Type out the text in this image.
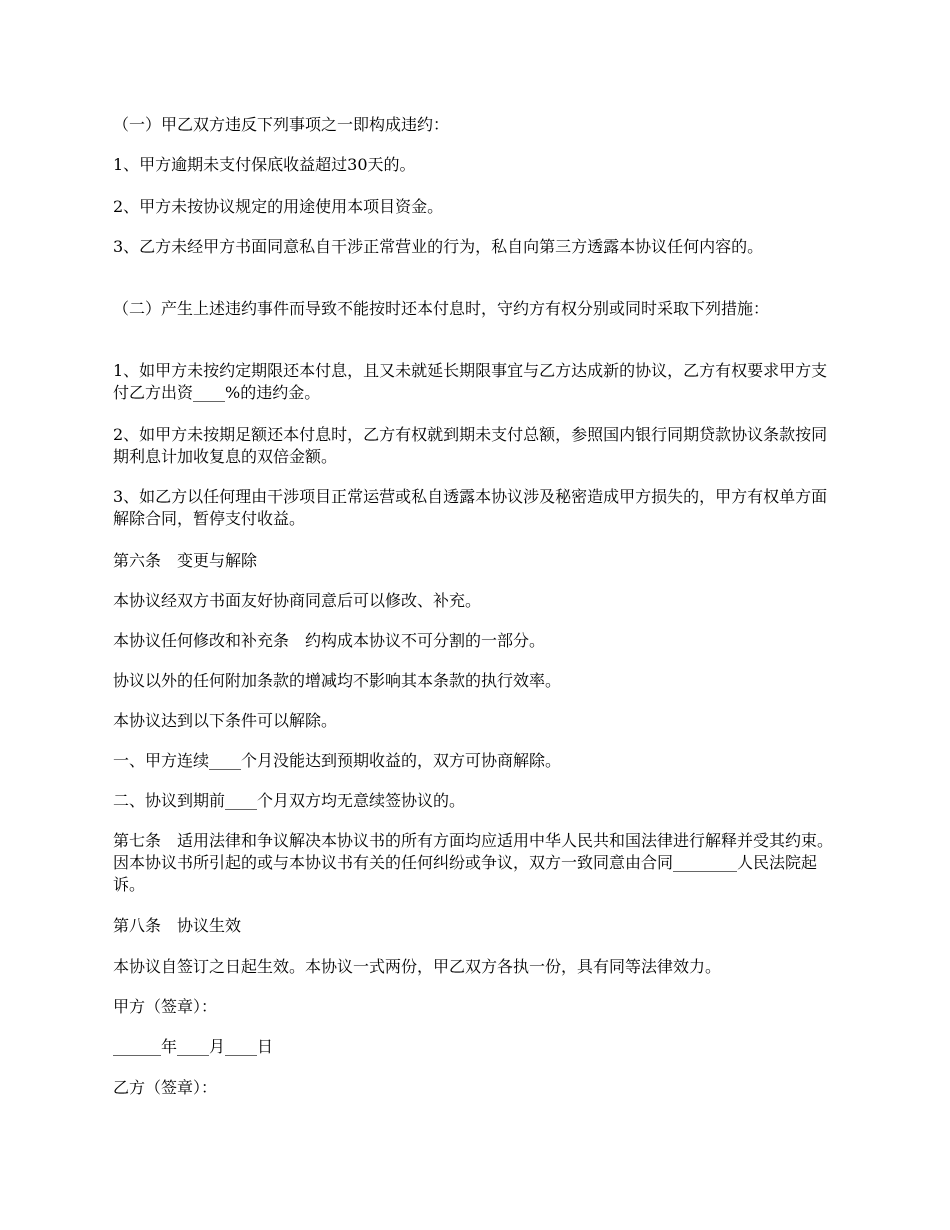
（一）甲乙双方违反下列事项之一即构成违约：

1、甲方逾期未支付保底收益超过30天的。

2、甲方未按协议规定的用途使用本项目资金。

3、乙方未经甲方书面同意私自干涉正常营业的行为，私自向第三方透露本协议任何内容的。

（二）产生上述违约事件而导致不能按时还本付息时，守约方有权分别或同时采取下列措施：

1、如甲方未按约定期限还本付息，且又未就延长期限事宜与乙方达成新的协议，乙方有权要求甲方支付乙方出资____%的违约金。

2、如甲方未按期足额还本付息时，乙方有权就到期未支付总额，参照国内银行同期贷款协议条款按同期利息计加收复息的双倍金额。

3、如乙方以任何理由干涉项目正常运营或私自透露本协议涉及秘密造成甲方损失的，甲方有权单方面解除合同，暂停支付收益。

第六条　变更与解除

本协议经双方书面友好协商同意后可以修改、补充。

本协议任何修改和补充条　约构成本协议不可分割的一部分。

协议以外的任何附加条款的增减均不影响其本条款的执行效率。

本协议达到以下条件可以解除。

一、甲方连续____个月没能达到预期收益的，双方可协商解除。

二、协议到期前____个月双方均无意续签协议的。

第七条　适用法律和争议解决本协议书的所有方面均应适用中华人民共和国法律进行解释并受其约束。因本协议书所引起的或与本协议书有关的任何纠纷或争议，双方一致同意由合同________人民法院起诉。

第八条　协议生效

本协议自签订之日起生效。本协议一式两份，甲乙双方各执一份，具有同等法律效力。

甲方（签章）：

______年____月____日

乙方（签章）：
